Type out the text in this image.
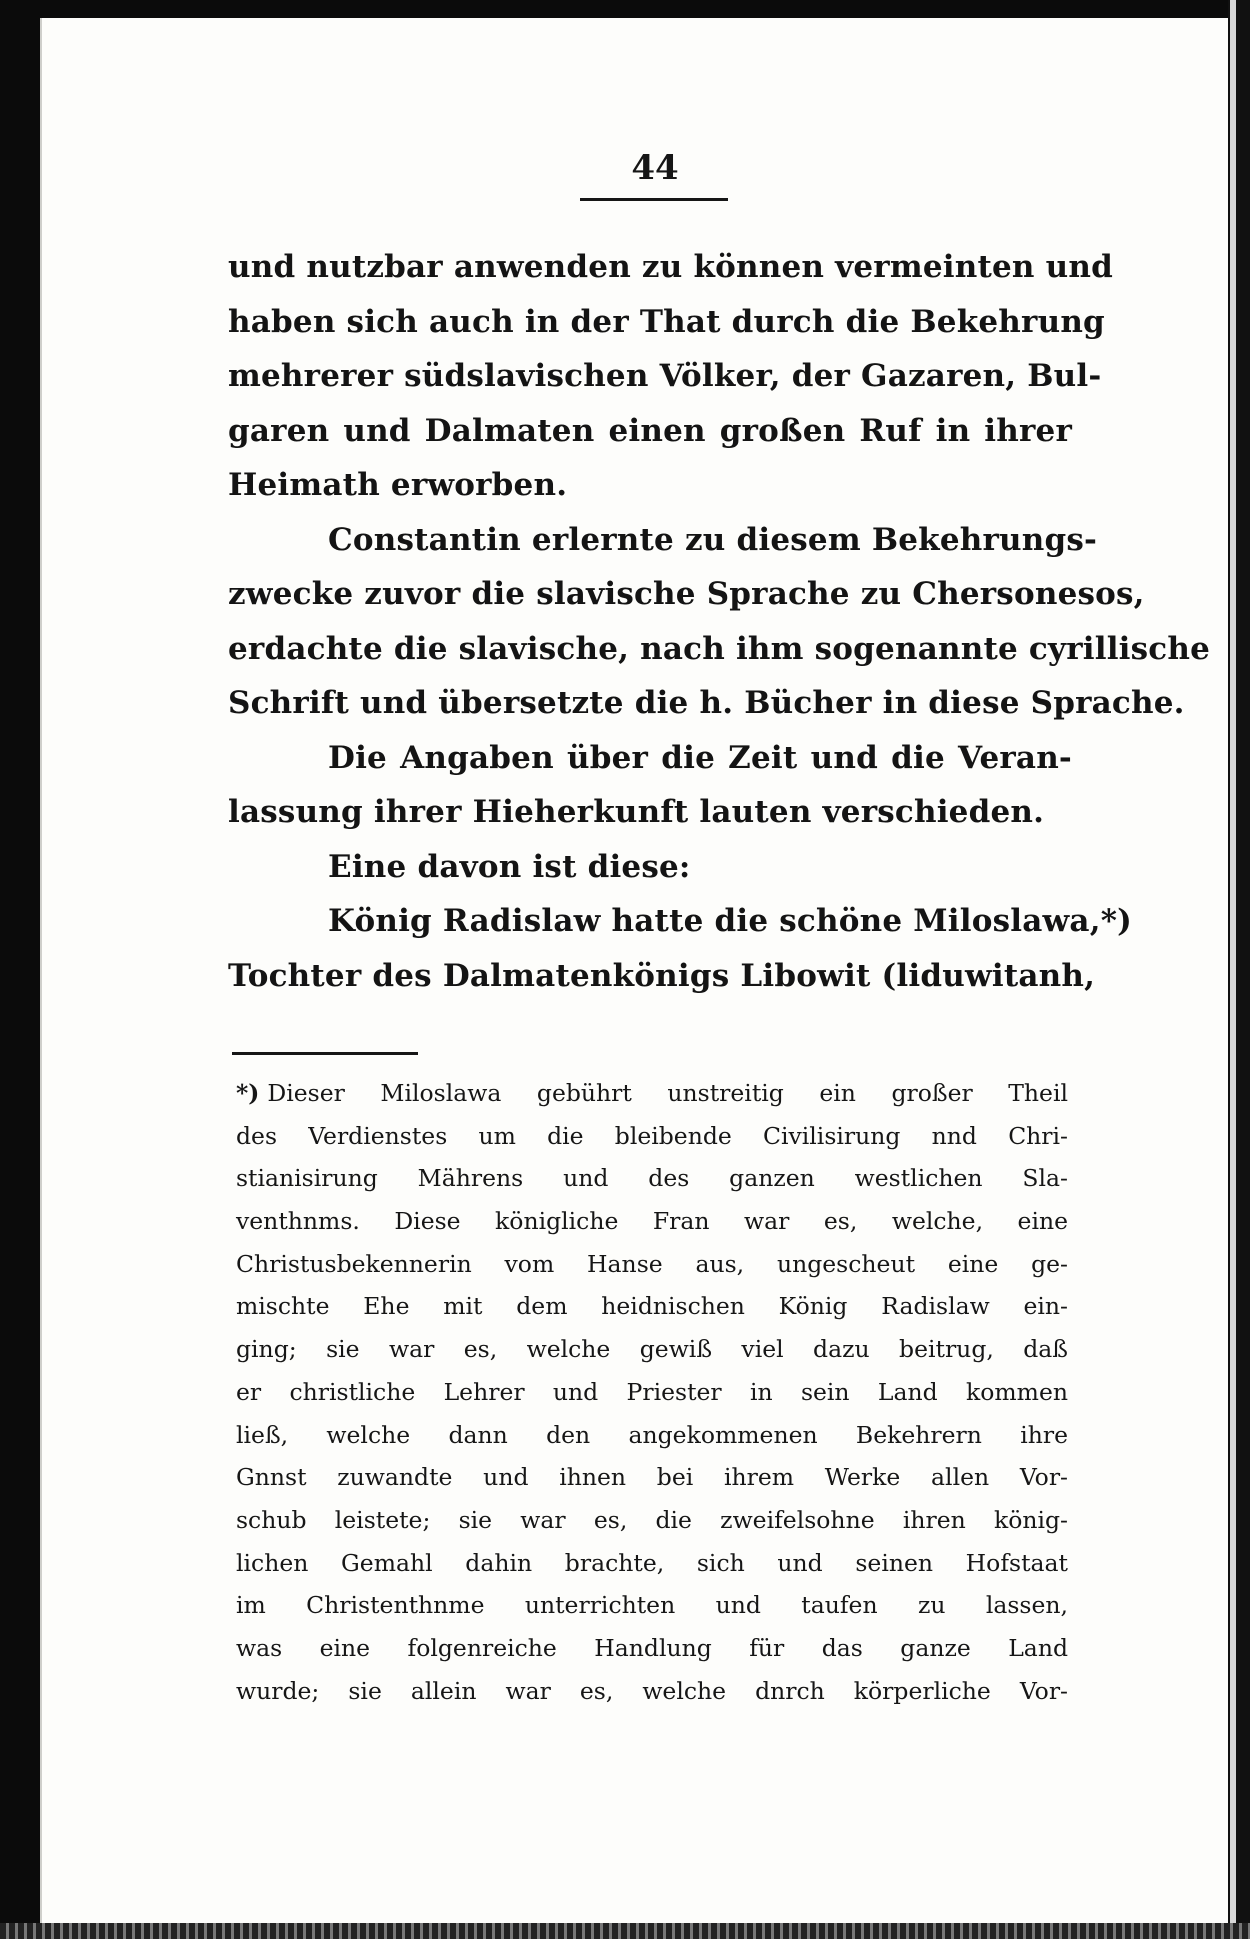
44
und nutzbar anwenden zu können vermeinten und
haben sich auch in der That durch die Bekehrung
mehrerer südslavischen Völker, der Gazaren, Bul-
garen und Dalmaten einen großen Ruf in ihrer
Heimath erworben.
Constantin erlernte zu diesem Bekehrungs-
zwecke zuvor die slavische Sprache zu Chersonesos,
erdachte die slavische, nach ihm sogenannte cyrillische
Schrift und übersetzte die h. Bücher in diese Sprache.
Die Angaben über die Zeit und die Veran-
lassung ihrer Hieherkunft lauten verschieden.
Eine davon ist diese:
König Radislaw hatte die schöne Miloslawa,*)
Tochter des Dalmatenkönigs Libowit (liduwitanh,
*) Dieser Miloslawa gebührt unstreitig ein großer Theil
des Verdienstes um die bleibende Civilisirung nnd Chri-
stianisirung Mährens und des ganzen westlichen Sla-
venthnms. Diese königliche Fran war es, welche, eine
Christusbekennerin vom Hanse aus, ungescheut eine ge-
mischte Ehe mit dem heidnischen König Radislaw ein-
ging; sie war es, welche gewiß viel dazu beitrug, daß
er christliche Lehrer und Priester in sein Land kommen
ließ, welche dann den angekommenen Bekehrern ihre
Gnnst zuwandte und ihnen bei ihrem Werke allen Vor-
schub leistete; sie war es, die zweifelsohne ihren könig-
lichen Gemahl dahin brachte, sich und seinen Hofstaat
im Christenthnme unterrichten und taufen zu lassen,
was eine folgenreiche Handlung für das ganze Land
wurde; sie allein war es, welche dnrch körperliche Vor-
